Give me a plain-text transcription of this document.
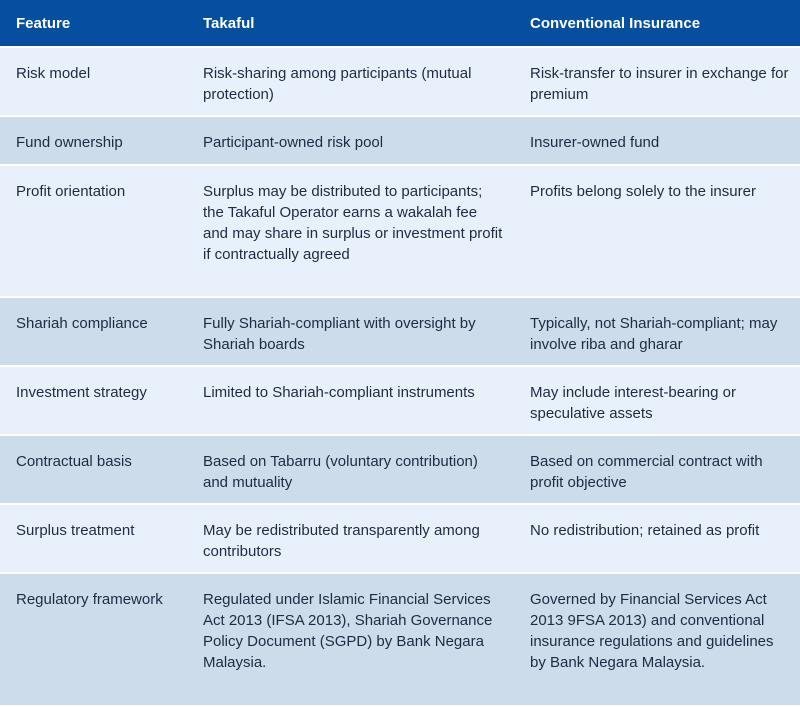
Feature	Takaful	Conventional Insurance
Risk model	Risk-sharing among participants (mutual protection)	Risk-transfer to insurer in exchange for premium
Fund ownership	Participant-owned risk pool	Insurer-owned fund
Profit orientation	Surplus may be distributed to participants; the Takaful Operator earns a wakalah fee and may share in surplus or investment profit if contractually agreed	Profits belong solely to the insurer
Shariah compliance	Fully Shariah-compliant with oversight by Shariah boards	Typically, not Shariah-compliant; may involve riba and gharar
Investment strategy	Limited to Shariah-compliant instruments	May include interest-bearing or speculative assets
Contractual basis	Based on Tabarru (voluntary contribution) and mutuality	Based on commercial contract with profit objective
Surplus treatment	May be redistributed transparently among contributors	No redistribution; retained as profit
Regulatory framework	Regulated under Islamic Financial Services Act 2013 (IFSA 2013), Shariah Governance Policy Document (SGPD) by Bank Negara Malaysia.	Governed by Financial Services Act 2013 9FSA 2013) and conventional insurance regulations and guidelines by Bank Negara Malaysia.
